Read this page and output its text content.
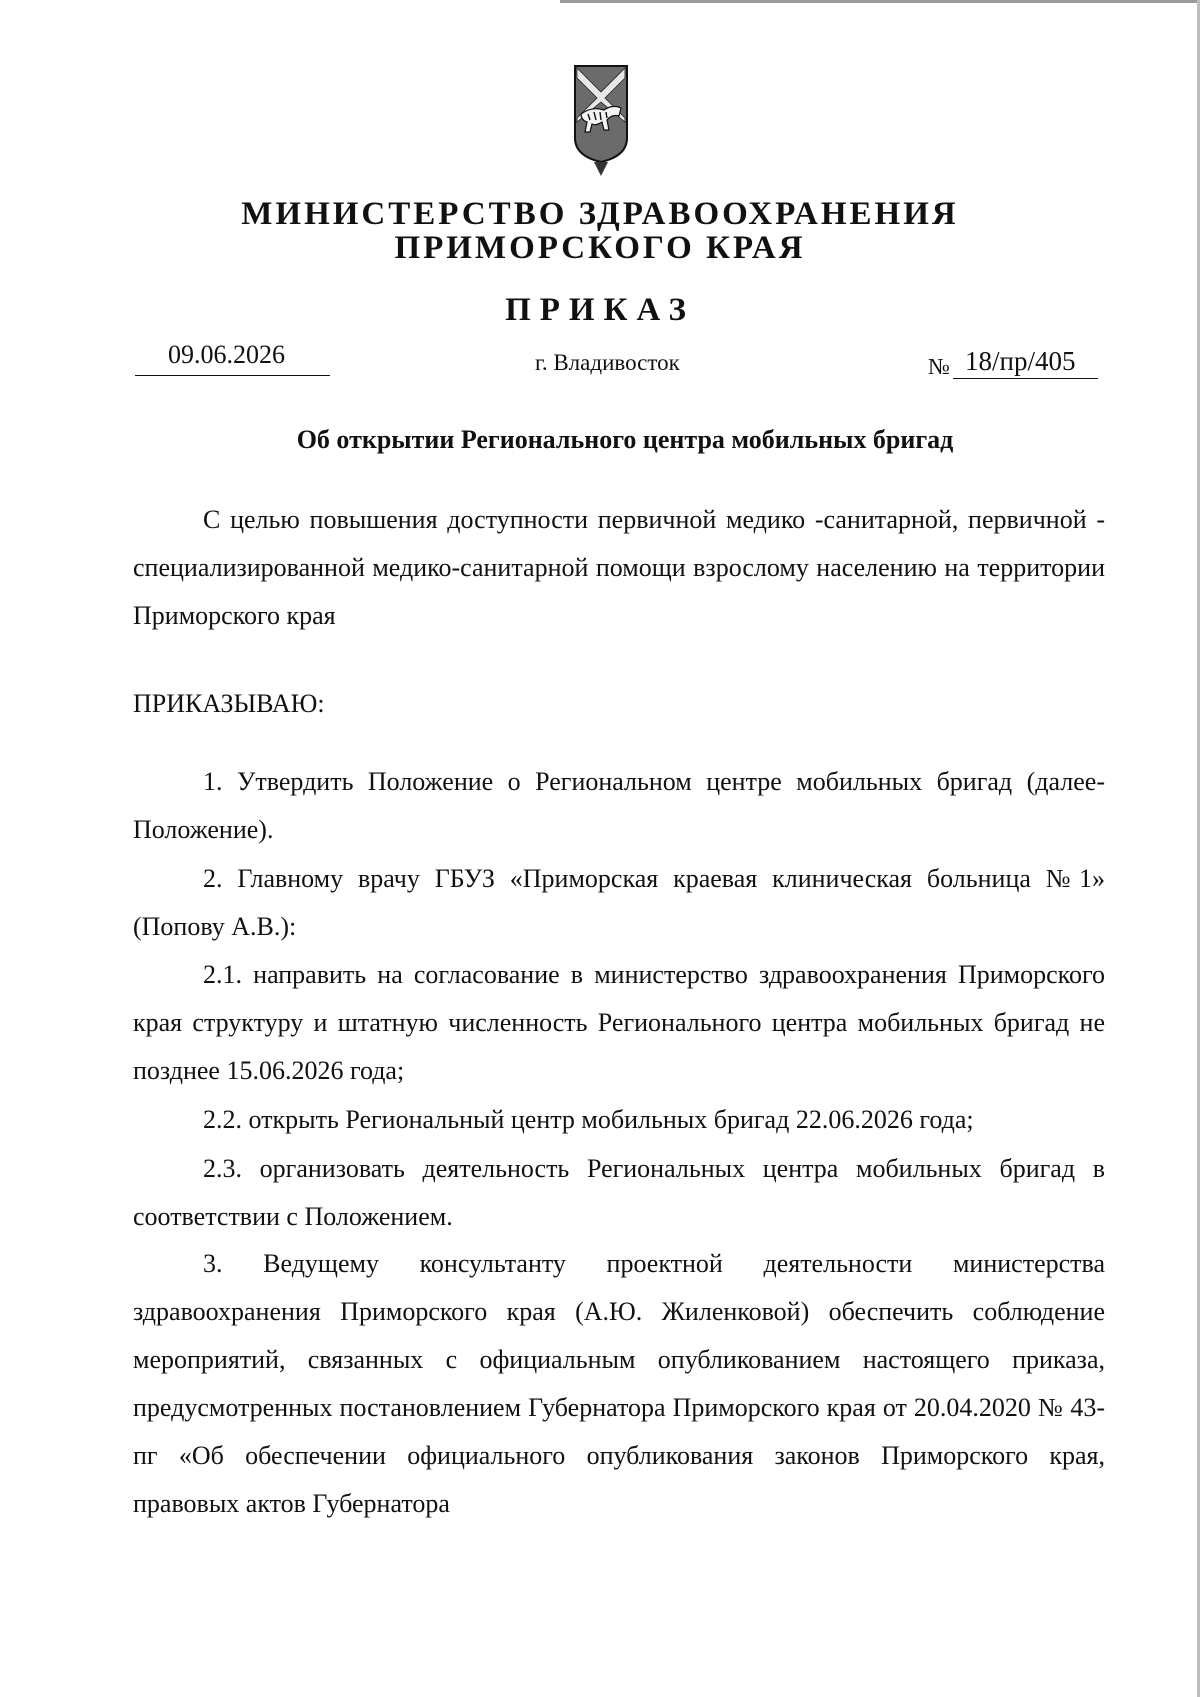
МИНИСТЕРСТВО ЗДРАВООХРАНЕНИЯ
ПРИМОРСКОГО КРАЯ
ПРИКАЗ
09.06.2026	г. Владивосток	№ 18/пр/405
Об открытии Регионального центра мобильных бригад

С целью повышения доступности первичной медико -санитарной, первичной - специализированной медико-санитарной помощи взрослому населению на территории Приморского края

ПРИКАЗЫВАЮ:

1. Утвердить Положение о Региональном центре мобильных бригад (далее- Положение).

2. Главному врачу ГБУЗ «Приморская краевая клиническая больница №1» (Попову А.В.):

2.1. направить на согласование в министерство здравоохранения Приморского края структуру и штатную численность Регионального центра мобильных бригад не позднее 15.06.2026 года;

2.2. открыть Региональный центр мобильных бригад 22.06.2026 года;

2.3. организовать деятельность Региональных центра мобильных бригад в соответствии с Положением.

3. Ведущему консультанту проектной деятельности министерства здравоохранения Приморского края (А.Ю. Жиленковой) обеспечить соблюдение мероприятий, связанных с официальным опубликованием настоящего приказа, предусмотренных постановлением Губернатора Приморского края от 20.04.2020 № 43-пг «Об обеспечении официального опубликования законов Приморского края, правовых актов Губернатора
